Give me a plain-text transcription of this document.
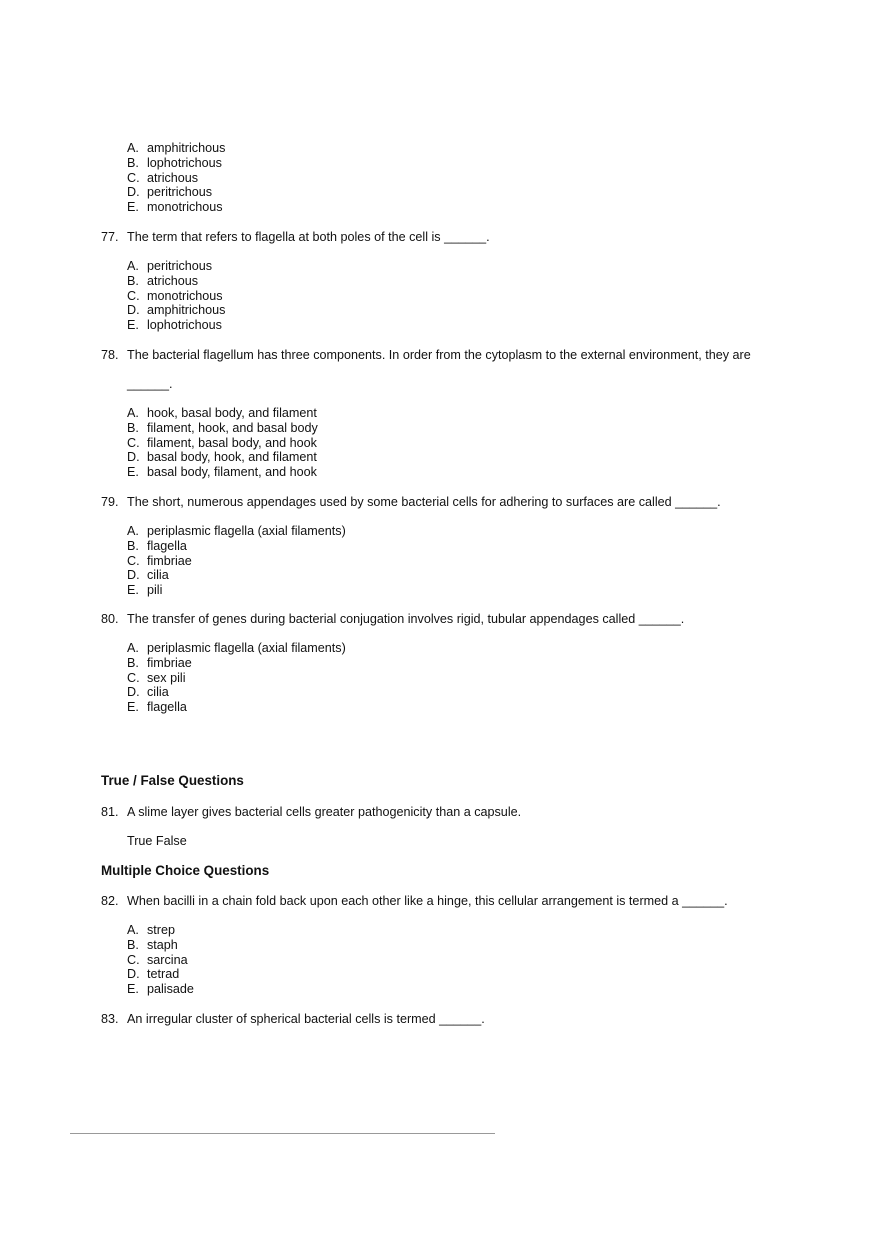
A. amphitrichous
B. lophotrichous
C. atrichous
D. peritrichous
E. monotrichous
77. The term that refers to flagella at both poles of the cell is ______.
A. peritrichous
B. atrichous
C. monotrichous
D. amphitrichous
E. lophotrichous
78. The bacterial flagellum has three components. In order from the cytoplasm to the external environment, they are
______.
A. hook, basal body, and filament
B. filament, hook, and basal body
C. filament, basal body, and hook
D. basal body, hook, and filament
E. basal body, filament, and hook
79. The short, numerous appendages used by some bacterial cells for adhering to surfaces are called ______.
A. periplasmic flagella (axial filaments)
B. flagella
C. fimbriae
D. cilia
E. pili
80. The transfer of genes during bacterial conjugation involves rigid, tubular appendages called ______.
A. periplasmic flagella (axial filaments)
B. fimbriae
C. sex pili
D. cilia
E. flagella
True / False Questions
81. A slime layer gives bacterial cells greater pathogenicity than a capsule.
True False
Multiple Choice Questions
82. When bacilli in a chain fold back upon each other like a hinge, this cellular arrangement is termed a ______.
A. strep
B. staph
C. sarcina
D. tetrad
E. palisade
83. An irregular cluster of spherical bacterial cells is termed ______.
